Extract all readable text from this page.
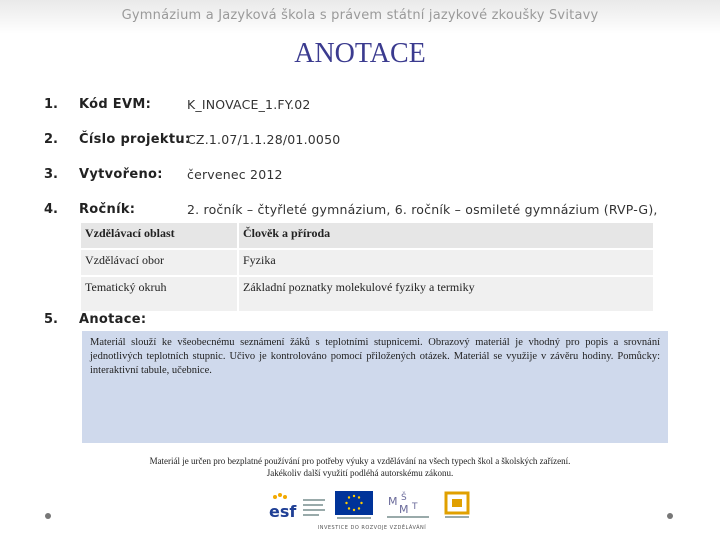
Gymnázium a Jazyková škola s právem státní jazykové zkoušky Svitavy
ANOTACE
1. Kód EVM:	K_INOVACE_1.FY.02
2. Číslo projektu:
CZ.1.07/1.1.28/01.0050
3. Vytvořeno: červenec 2012
4. Ročník:	2. ročník – čtyřleté gymnázium, 6. ročník – osmileté gymnázium (RVP-G),
Vzdělávací oblast	Člověk a příroda
Vzdělávací obor	Fyzika
Tematický okruh	Základní poznatky molekulové fyziky a termiky
5. Anotace:
Materiál slouží ke všeobecnému seznámení žáků s teplotními stupnicemi. Obrazový materiál je vhodný pro popis a srovnání jednotlivých teplotních stupnic. Učivo je kontrolováno pomocí přiložených otázek. Materiál se využije v závěru hodiny. Pomůcky: interaktivní tabule, učebnice.
Materiál je určen pro bezplatné používání pro potřeby výuky a vzdělávání na všech typech škol a školských zařízení.
Jakékoliv další využití podléhá autorskému zákonu.
esf
M Š
M T
INVESTICE DO ROZVOJE VZDĚLÁVÁNÍ
